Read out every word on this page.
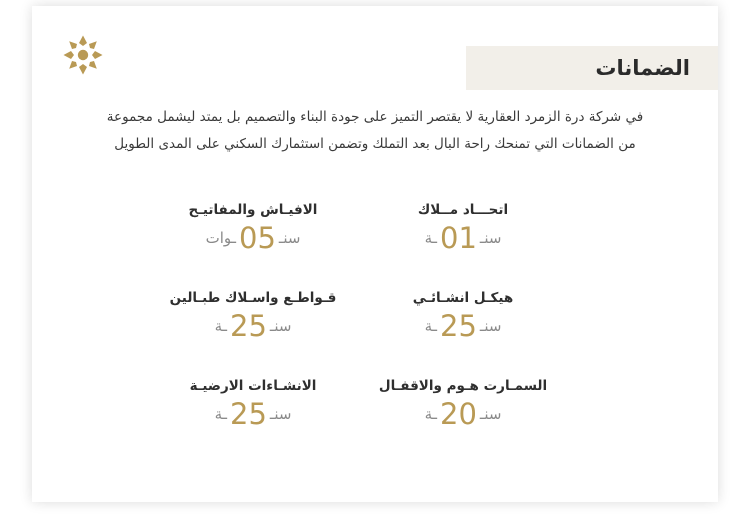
الضمانات
في شركة درة الزمرد العقارية لا يقتصر التميز على جودة البناء والتصميم بل يمتد ليشمل مجموعة
من الضمانات التي تمنحك راحة البال بعد التملك وتضمن استثمارك السكني على المدى الطويل
اتحـــاد مــلاك
سنـ01ـة
الافيـاش والمفاتيـح
سنـ05ـوات
هيكـل انشـائـي
سنـ25ـة
قـواطـع واسـلاك طبـالين
سنـ25ـة
السمـارت هـوم والاقفـال
سنـ20ـة
الانشـاءات الارضيـة
سنـ25ـة
